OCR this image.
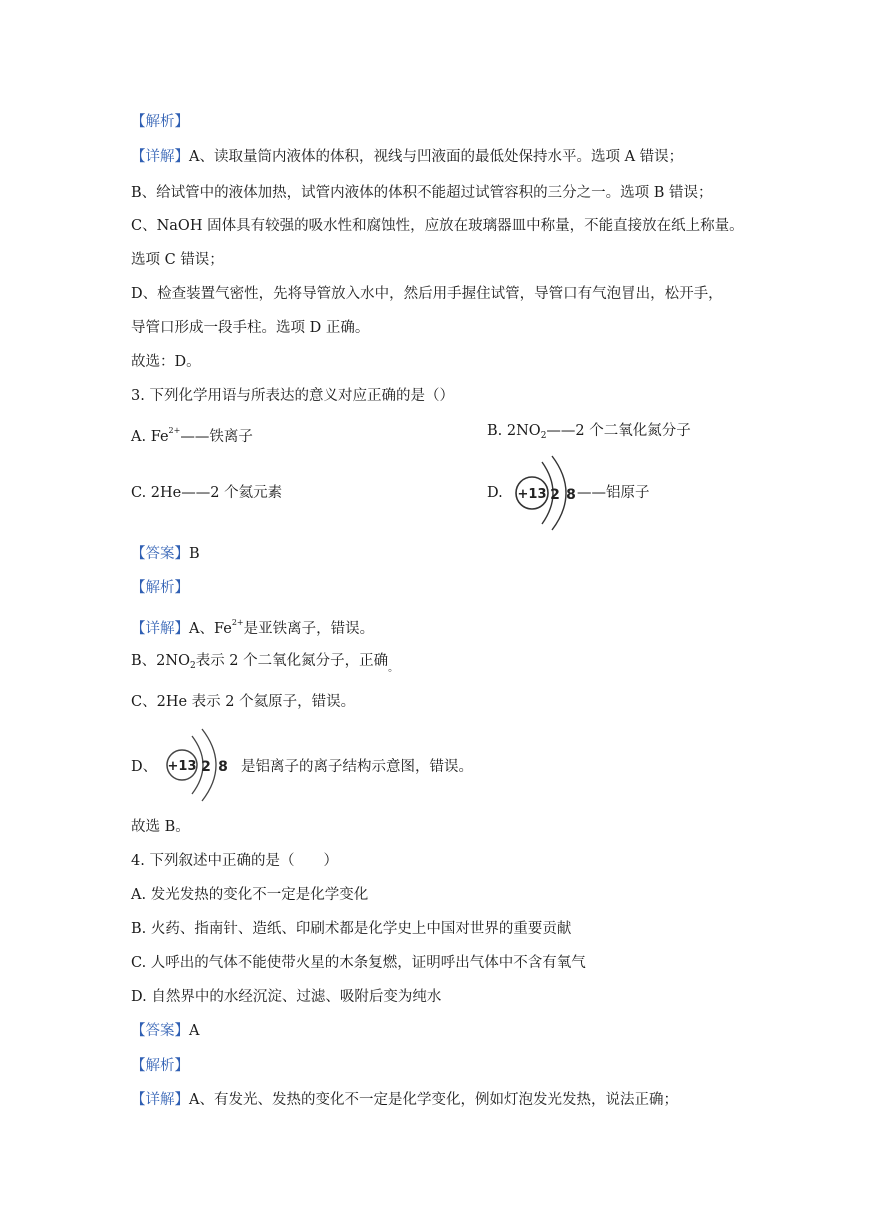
【解析】
【详解】A、读取量筒内液体的体积，视线与凹液面的最低处保持水平。选项 A 错误；
B、给试管中的液体加热，试管内液体的体积不能超过试管容积的三分之一。选项 B 错误；
C、NaOH 固体具有较强的吸水性和腐蚀性，应放在玻璃器皿中称量，不能直接放在纸上称量。
选项 C 错误；
D、检查装置气密性，先将导管放入水中，然后用手握住试管，导管口有气泡冒出，松开手，
导管口形成一段手柱。选项 D 正确。
故选：D。
3. 下列化学用语与所表达的意义对应正确的是（）
A. $Fe^{2+}——$铁离子	B. $2NO_2——2$ 个二氧化氮分子
C. 2He——2 个氦元素	D. +13 2 8 ——铝原子
【答案】B
【解析】
【详解】A、$Fe^{2+}$是亚铁离子，错误。
B、$2NO_2$表示 2 个二氧化氮分子，正确$_。$
C、2He 表示 2 个氦原子，错误。
D、 +13 2 8 是铝离子的离子结构示意图，错误。
故选 B。
4. 下列叙述中正确的是（　　）
A. 发光发热的变化不一定是化学变化
B. 火药、指南针、造纸、印刷术都是化学史上中国对世界的重要贡献
C. 人呼出的气体不能使带火星的木条复燃，证明呼出气体中不含有氧气
D. 自然界中的水经沉淀、过滤、吸附后变为纯水
【答案】A
【解析】
【详解】A、有发光、发热的变化不一定是化学变化，例如灯泡发光发热，说法正确；
